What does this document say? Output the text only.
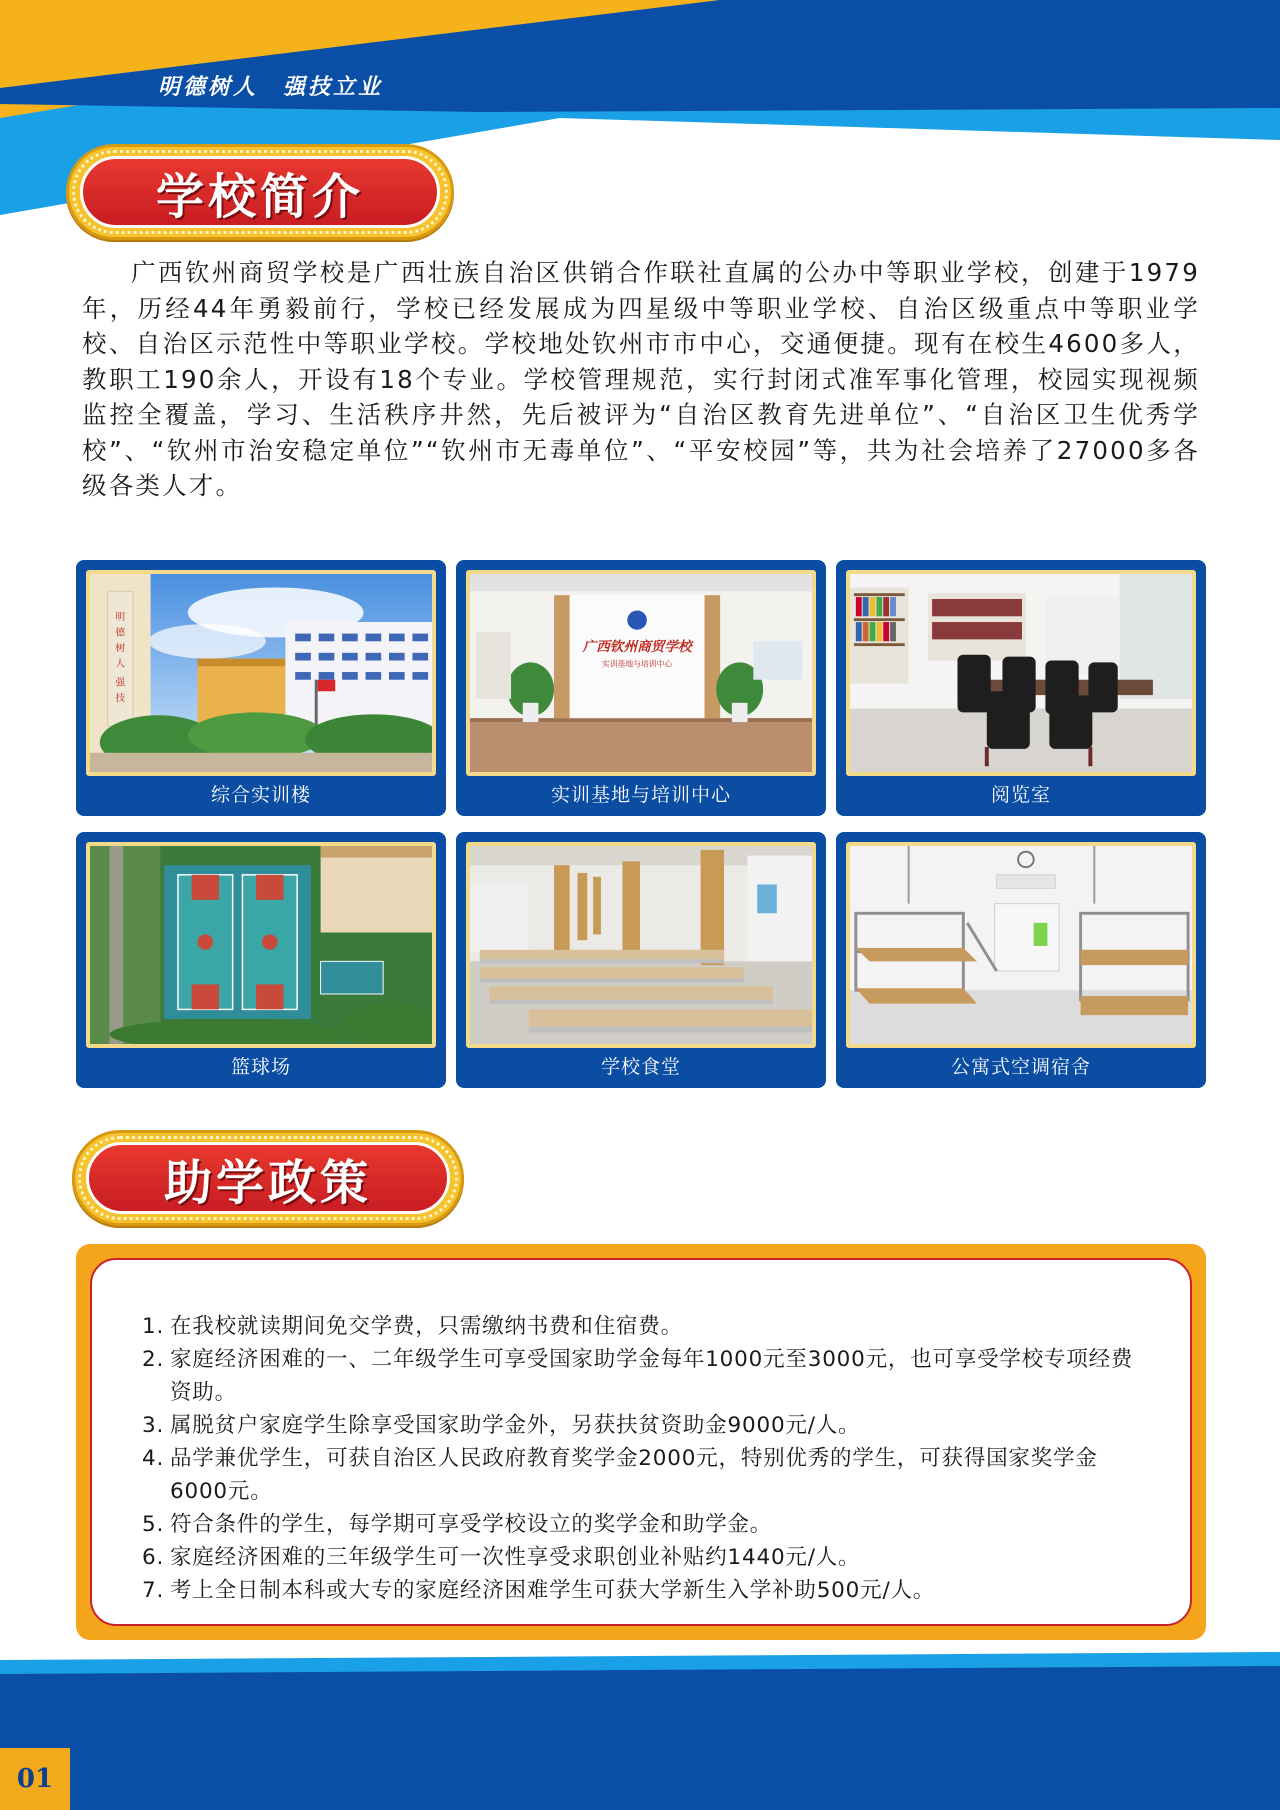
明德树人　强技立业
学校简介

广西钦州商贸学校是广西壮族自治区供销合作联社直属的公办中等职业学校，创建于1979年，历经44年勇毅前行，学校已经发展成为四星级中等职业学校、自治区级重点中等职业学校、自治区示范性中等职业学校。学校地处钦州市市中心，交通便捷。现有在校生4600多人，教职工190余人，开设有18个专业。学校管理规范，实行封闭式准军事化管理，校园实现视频监控全覆盖，学习、生活秩序井然，先后被评为“自治区教育先进单位”、“自治区卫生优秀学校”、“钦州市治安稳定单位”“钦州市无毒单位”、“平安校园”等，共为社会培养了27000多各级各类人才。

明
德
树
人
强
技
综合实训楼
广西钦州商贸学校
实训基地与培训中心
实训基地与培训中心	阅览室
篮球场	学校食堂	公寓式空调宿舍
助学政策
1. 在我校就读期间免交学费，只需缴纳书费和住宿费。
2. 家庭经济困难的一、二年级学生可享受国家助学金每年1000元至3000元，也可享受学校专项经费资助。
3. 属脱贫户家庭学生除享受国家助学金外，另获扶贫资助金9000元/人。
4. 品学兼优学生，可获自治区人民政府教育奖学金2000元，特别优秀的学生，可获得国家奖学金6000元。
5. 符合条件的学生，每学期可享受学校设立的奖学金和助学金。
6. 家庭经济困难的三年级学生可一次性享受求职创业补贴约1440元/人。
7. 考上全日制本科或大专的家庭经济困难学生可获大学新生入学补助500元/人。
01
